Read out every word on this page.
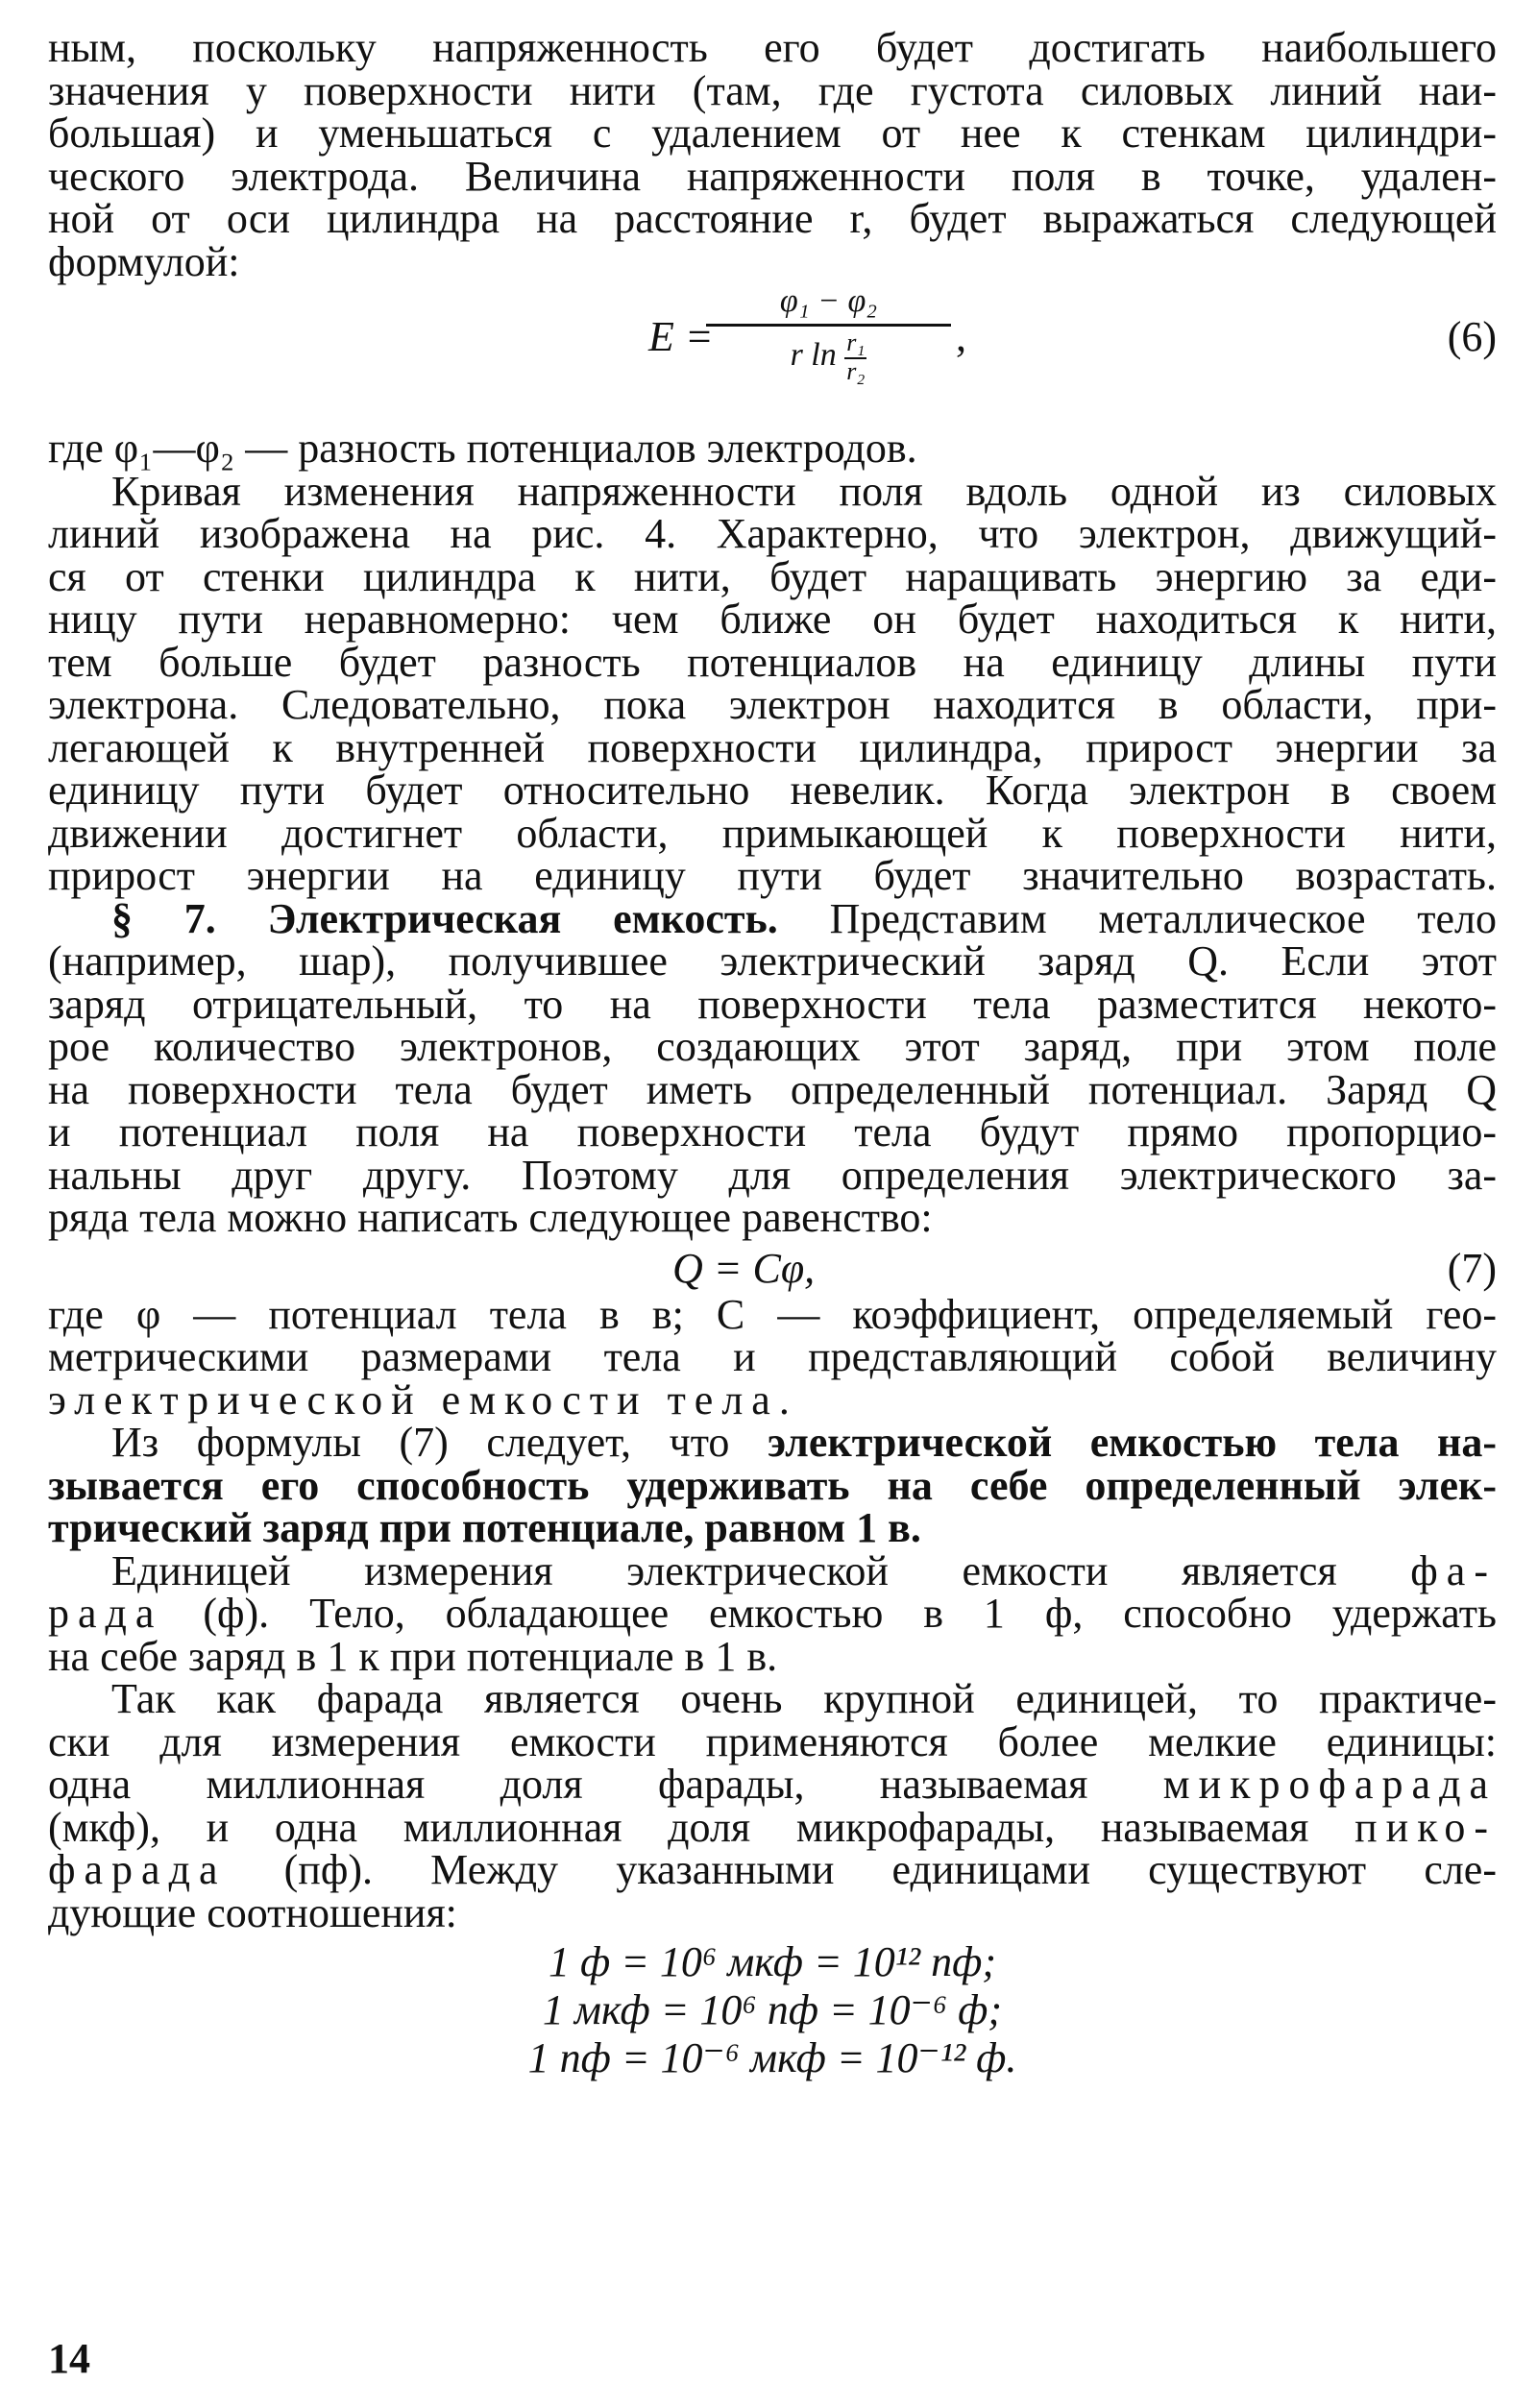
ным, поскольку напряженность его будет достигать наибольшего
значения у поверхности нити (там, где густота силовых линий наи-
большая) и уменьшаться с удалением от нее к стенкам цилиндри-
ческого электрода. Величина напряженности поля в точке, удален-
ной от оси цилиндра на расстояние r, будет выражаться следующей
формулой:
E =
$\frac{\text{φ₁ − φ₂}}{r \ln \frac{\text{r₁}}{\text{r₂}}}$ ,	(6)
где φ₁—φ₂ — разность потенциалов электродов.
Кривая изменения напряженности поля вдоль одной из силовых
линий изображена на рис. 4. Характерно, что электрон, движущий-
ся от стенки цилиндра к нити, будет наращивать энергию за еди-
ницу пути неравномерно: чем ближе он будет находиться к нити,
тем больше будет разность потенциалов на единицу длины пути
электрона. Следовательно, пока электрон находится в области, при-
легающей к внутренней поверхности цилиндра, прирост энергии за
единицу пути будет относительно невелик. Когда электрон в своем
движении достигнет области, примыкающей к поверхности нити,
прирост энергии на единицу пути будет значительно возрастать.
§ 7. Электрическая емкость. Представим металлическое тело
(например, шар), получившее электрический заряд Q. Если этот
заряд отрицательный, то на поверхности тела разместится некото-
рое количество электронов, создающих этот заряд, при этом поле
на поверхности тела будет иметь определенный потенциал. Заряд Q
и потенциал поля на поверхности тела будут прямо пропорцио-
нальны друг другу. Поэтому для определения электрического за-
ряда тела можно написать следующее равенство:
Q = Cφ,	(7)
где φ — потенциал тела в в; C — коэффициент, определяемый гео-
метрическими размерами тела и представляющий собой величину
электрической емкости тела.
Из формулы (7) следует, что электрической емкостью тела на-
зывается его способность удерживать на себе определенный элек-
трический заряд при потенциале, равном 1 в.
Единицей измерения электрической емкости является фа-
рада (ф). Тело, обладающее емкостью в 1 ф, способно удержать
на себе заряд в 1 к при потенциале в 1 в.
Так как фарада является очень крупной единицей, то практиче-
ски для измерения емкости применяются более мелкие единицы:
одна миллионная доля фарады, называемая микрофарада
(мкф), и одна миллионная доля микрофарады, называемая пико-
фарада (пф). Между указанными единицами существуют сле-
дующие соотношения:
1 ф = 10⁶ мкф = 10¹² пф;
1 мкф = 10⁶ пф = 10⁻⁶ ф;
1 пф = 10⁻⁶ мкф = 10⁻¹² ф.
14
